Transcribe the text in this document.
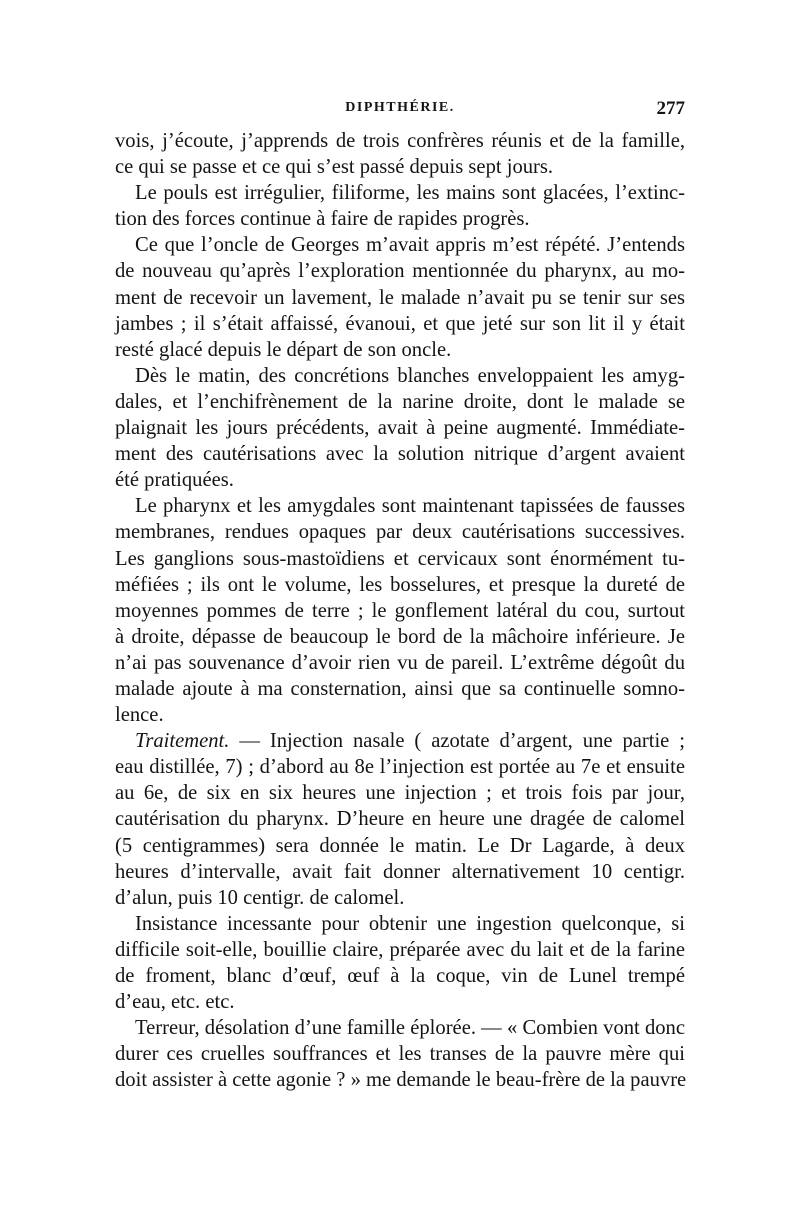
DIPHTHÉRIE.	277
vois, j’écoute, j’apprends de trois confrères réunis et de la famille,
ce qui se passe et ce qui s’est passé depuis sept jours.
Le pouls est irrégulier, filiforme, les mains sont glacées, l’extinc-
tion des forces continue à faire de rapides progrès.
Ce que l’oncle de Georges m’avait appris m’est répété. J’entends
de nouveau qu’après l’exploration mentionnée du pharynx, au mo-
ment de recevoir un lavement, le malade n’avait pu se tenir sur ses
jambes ; il s’était affaissé, évanoui, et que jeté sur son lit il y était
resté glacé depuis le départ de son oncle.
Dès le matin, des concrétions blanches enveloppaient les amyg-
dales, et l’enchifrènement de la narine droite, dont le malade se
plaignait les jours précédents, avait à peine augmenté. Immédiate-
ment des cautérisations avec la solution nitrique d’argent avaient
été pratiquées.
Le pharynx et les amygdales sont maintenant tapissées de fausses
membranes, rendues opaques par deux cautérisations successives.
Les ganglions sous-mastoïdiens et cervicaux sont énormément tu-
méfiées ; ils ont le volume, les bosselures, et presque la dureté de
moyennes pommes de terre ; le gonflement latéral du cou, surtout
à droite, dépasse de beaucoup le bord de la mâchoire inférieure. Je
n’ai pas souvenance d’avoir rien vu de pareil. L’extrême dégoût du
malade ajoute à ma consternation, ainsi que sa continuelle somno-
lence.
Traitement. — Injection nasale ( azotate d’argent, une partie ;
eau distillée, 7) ; d’abord au 8e l’injection est portée au 7e et ensuite
au 6e, de six en six heures une injection ; et trois fois par jour,
cautérisation du pharynx. D’heure en heure une dragée de calomel
(5 centigrammes) sera donnée le matin. Le Dr Lagarde, à deux
heures d’intervalle, avait fait donner alternativement 10 centigr.
d’alun, puis 10 centigr. de calomel.
Insistance incessante pour obtenir une ingestion quelconque, si
difficile soit-elle, bouillie claire, préparée avec du lait et de la farine
de froment, blanc d’œuf, œuf à la coque, vin de Lunel trempé
d’eau, etc. etc.
Terreur, désolation d’une famille éplorée. — « Combien vont donc
durer ces cruelles souffrances et les transes de la pauvre mère qui
doit assister à cette agonie ? » me demande le beau-frère de la pauvre
